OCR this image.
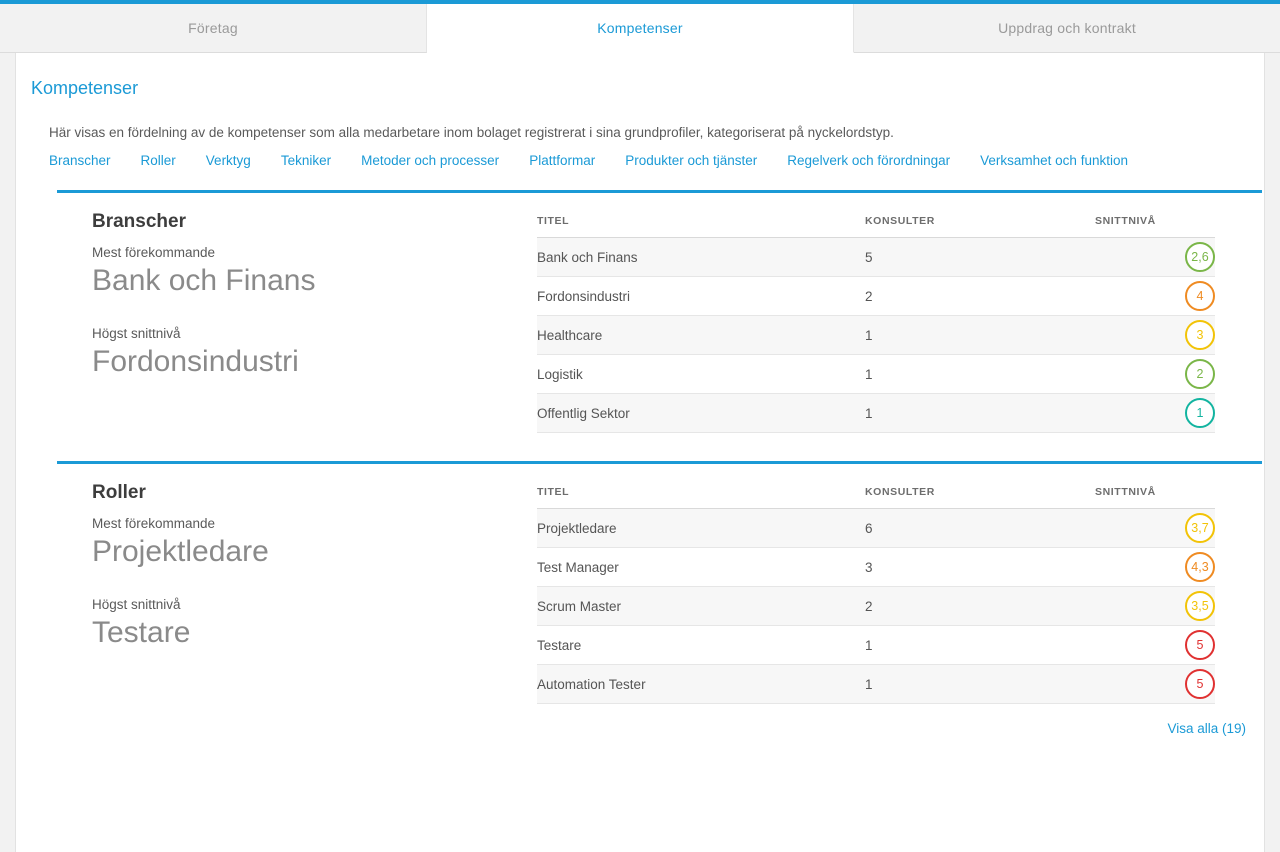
Företag	Kompetenser	Uppdrag och kontrakt
Kompetenser
Här visas en fördelning av de kompetenser som alla medarbetare inom bolaget registrerat i sina grundprofiler, kategoriserat på nyckelordstyp.
Branscher Roller Verktyg Tekniker Metoder och processer Plattformar Produkter och tjänster Regelverk och förordningar Verksamhet och funktion
Branscher
Mest förekommande
Bank och Finans
Högst snittnivå
Fordonsindustri
TITEL	KONSULTER	SNITTNIVÅ
Bank och Finans	5	2,6
Fordonsindustri	2	4
Healthcare	1	3
Logistik	1	2
Offentlig Sektor	1	1
Roller
Mest förekommande
Projektledare
Högst snittnivå
Testare
TITEL	KONSULTER	SNITTNIVÅ
Projektledare	6	3,7
Test Manager	3	4,3
Scrum Master	2	3,5
Testare	1	5
Automation Tester	1	5
Visa alla (19)
